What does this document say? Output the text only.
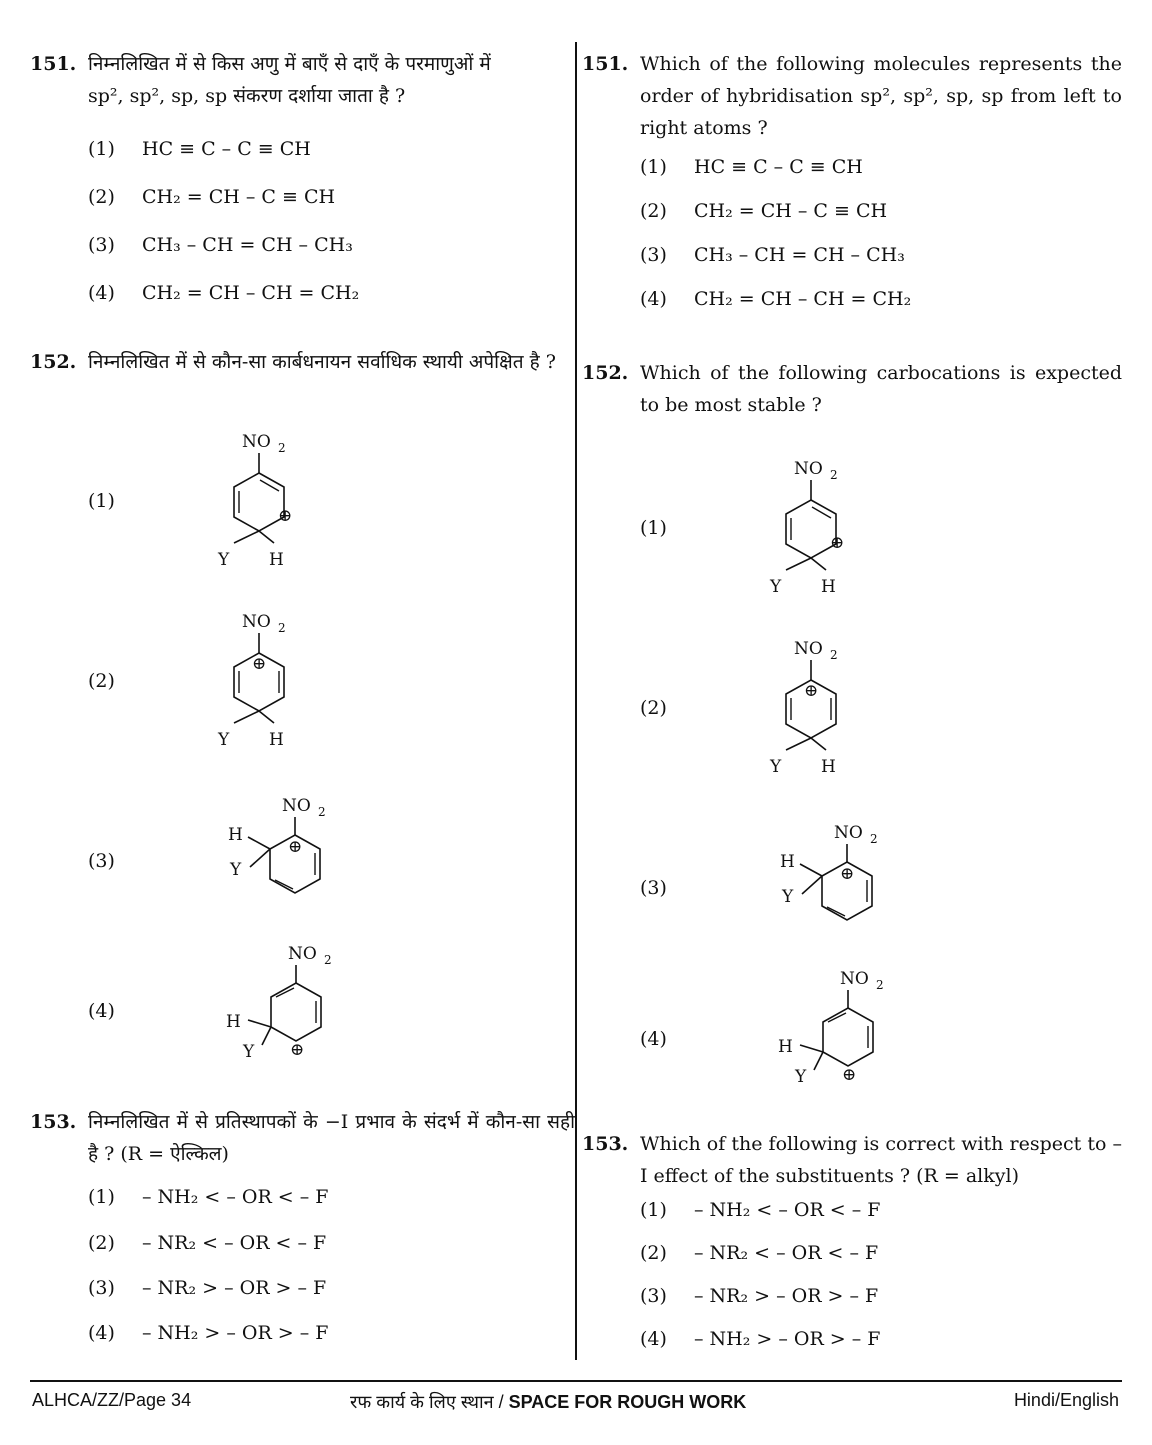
151. निम्नलिखित में से किस अणु में बाएँ से दाएँ के परमाणुओं में
sp², sp², sp, sp संकरण दर्शाया जाता है ?
(1) HC ≡ C – C ≡ CH
(2) CH₂ = CH – C ≡ CH
(3) CH₃ – CH = CH – CH₃
(4) CH₂ = CH – CH = CH₂
152. निम्नलिखित में से कौन-सा कार्बधनायन सर्वाधिक स्थायी अपेक्षित है ?
(1)
NO 2
⊕
Y H
(2)
NO 2
⊕
Y H
(3)
NO 2
⊕
H
Y
(4)
NO 2
⊕
H
Y
153. निम्नलिखित में से प्रतिस्थापकों के −I प्रभाव के संदर्भ में कौन-सा सही है ? (R = ऐल्किल)
(1) – NH₂ < – OR < – F
(2) – NR₂ < – OR < – F
(3) – NR₂ > – OR > – F
(4) – NH₂ > – OR > – F
151. Which of the following molecules represents the order of hybridisation sp², sp², sp, sp from left to right atoms ?
(1) HC ≡ C – C ≡ CH
(2) CH₂ = CH – C ≡ CH
(3) CH₃ – CH = CH – CH₃
(4) CH₂ = CH – CH = CH₂
152. Which of the following carbocations is expected to be most stable ?
(1)
NO 2
⊕
Y H
(2)
NO 2
⊕
Y H
(3)
NO 2
⊕
H
Y
(4)
NO 2
⊕
H
Y
153. Which of the following is correct with respect to – I effect of the substituents ? (R = alkyl)
(1) – NH₂ < – OR < – F
(2) – NR₂ < – OR < – F
(3) – NR₂ > – OR > – F
(4) – NH₂ > – OR > – F
ALHCA/ZZ/Page 34	रफ कार्य के लिए स्थान / SPACE FOR ROUGH WORK	Hindi/English
